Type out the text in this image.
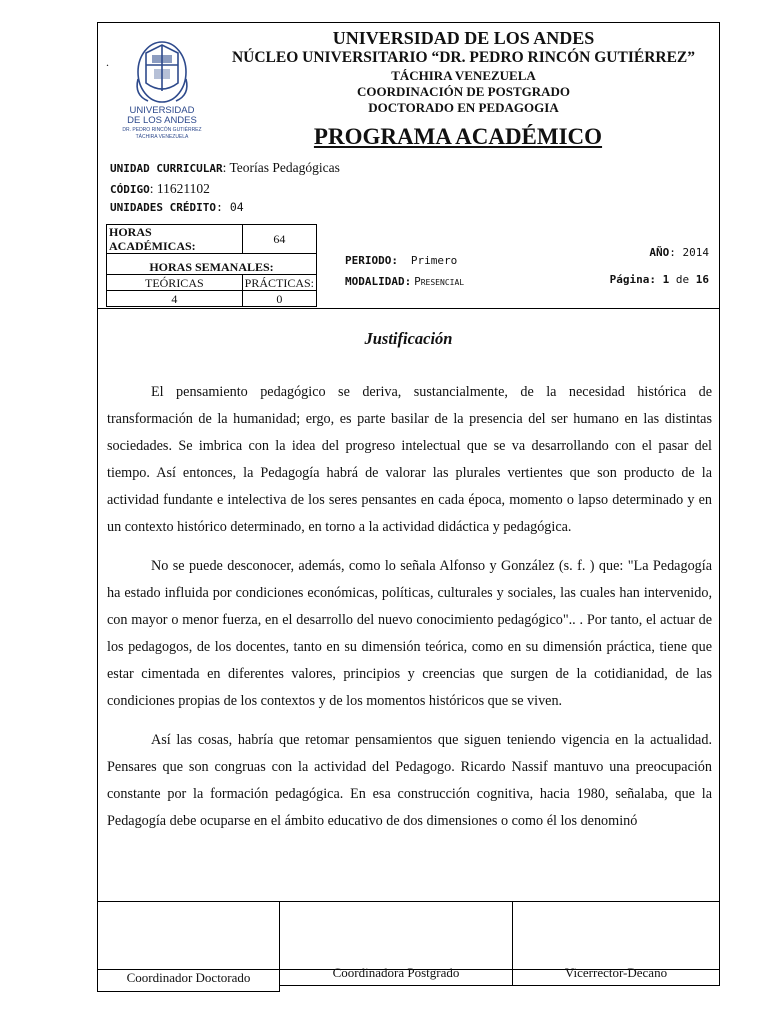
.
UNIVERSIDAD
DE LOS ANDES
DR. PEDRO RINCÓN GUTIÉRREZ
TÁCHIRA VENEZUELA
UNIVERSIDAD DE LOS ANDES
NÚCLEO UNIVERSITARIO “DR. PEDRO RINCÓN GUTIÉRREZ”
TÁCHIRA VENEZUELA
COORDINACIÓN DE POSTGRADO
DOCTORADO EN PEDAGOGIA
PROGRAMA ACADÉMICO
UNIDAD CURRICULAR: Teorías Pedagógicas
CÓDIGO: 11621102
UNIDADES CRÉDITO: 04
HORAS ACADÉMICAS:	64
HORAS SEMANALES:	
TEÓRICAS	PRÁCTICAS:
4	0
PERIODO: Primero
MODALIDAD: Presencial
AÑO: 2014
Página: 1 de 16
Justificación

El pensamiento pedagógico se deriva, sustancialmente, de la necesidad histórica de transformación de la humanidad; ergo, es parte basilar de la presencia del ser humano en las distintas sociedades. Se imbrica con la idea del progreso intelectual que se va desarrollando con el pasar del tiempo. Así entonces, la Pedagogía habrá de valorar las plurales vertientes que son producto de la actividad fundante e intelectiva de los seres pensantes en cada época, momento o lapso determinado y en un contexto histórico determinado, en torno a la actividad didáctica y pedagógica.

No se puede desconocer, además, como lo señala Alfonso y González (s. f. ) que: "La Pedagogía ha estado influida por condiciones económicas, políticas, culturales y sociales, las cuales han intervenido, con mayor o menor fuerza, en el desarrollo del nuevo conocimiento pedagógico".. . Por tanto, el actuar de los pedagogos, de los docentes, tanto en su dimensión teórica, como en su dimensión práctica, tiene que estar cimentada en diferentes valores, principios y creencias que surgen de la cotidianidad, de las condiciones propias de los contextos y de los momentos históricos que se viven.

Así las cosas, habría que retomar pensamientos que siguen teniendo vigencia en la actualidad. Pensares que son congruas con la actividad del Pedagogo. Ricardo Nassif mantuvo una preocupación constante por la formación pedagógica. En esa construcción cognitiva, hacia 1980, señalaba, que la Pedagogía debe ocuparse en el ámbito educativo de dos dimensiones o como él los denominó

Coordinador Doctorado	Coordinadora Postgrado	Vicerrector-Decano
